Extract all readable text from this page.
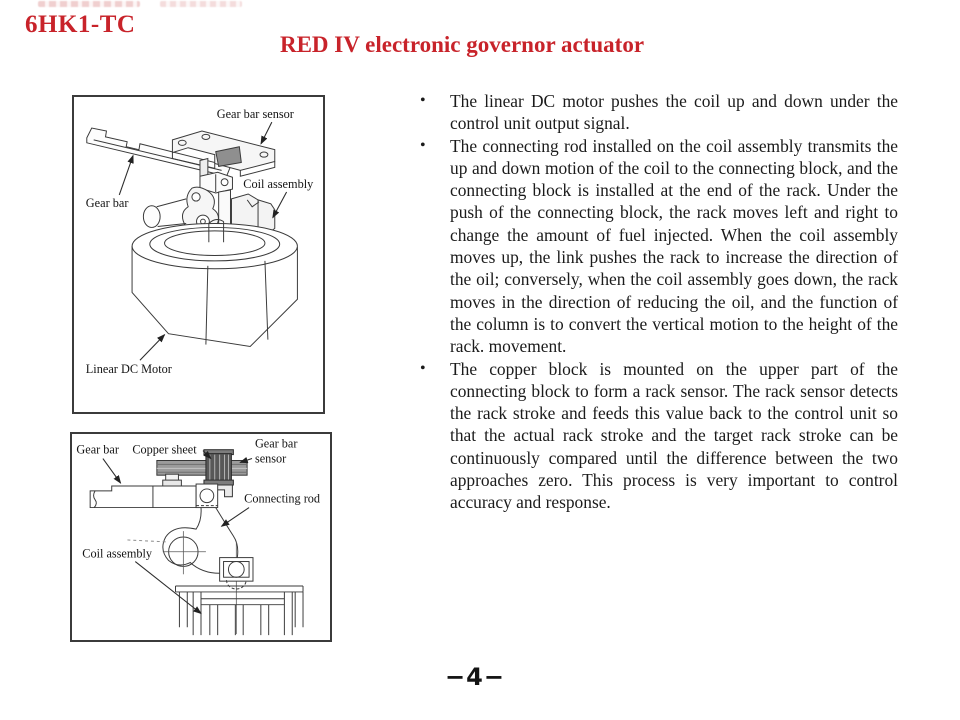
6HK1-TC
RED IV electronic governor actuator
Gear bar sensor
Coil assembly
Gear bar
Linear DC Motor
Gear bar Copper sheet	Gear bar
sensor
Connecting rod
Coil assembly
•	The linear DC motor pushes the coil up and down under the control unit output signal.

•	The connecting rod installed on the coil assembly transmits the up and down motion of the coil to the connecting block, and the connecting block is installed at the end of the rack. Under the push of the connecting block, the rack moves left and right to change the amount of fuel injected. When the coil assembly moves up, the link pushes the rack to increase the direction of the oil; conversely, when the coil assembly goes down, the rack moves in the direction of reducing the oil, and the function of the column is to convert the vertical motion to the height of the rack. movement.

•	The copper block is mounted on the upper part of the connecting block to form a rack sensor. The rack sensor detects the rack stroke and feeds this value back to the control unit so that the actual rack stroke and the target rack stroke can be continuously compared until the difference between the two approaches zero. This process is very important to control accuracy and response.

−4−
